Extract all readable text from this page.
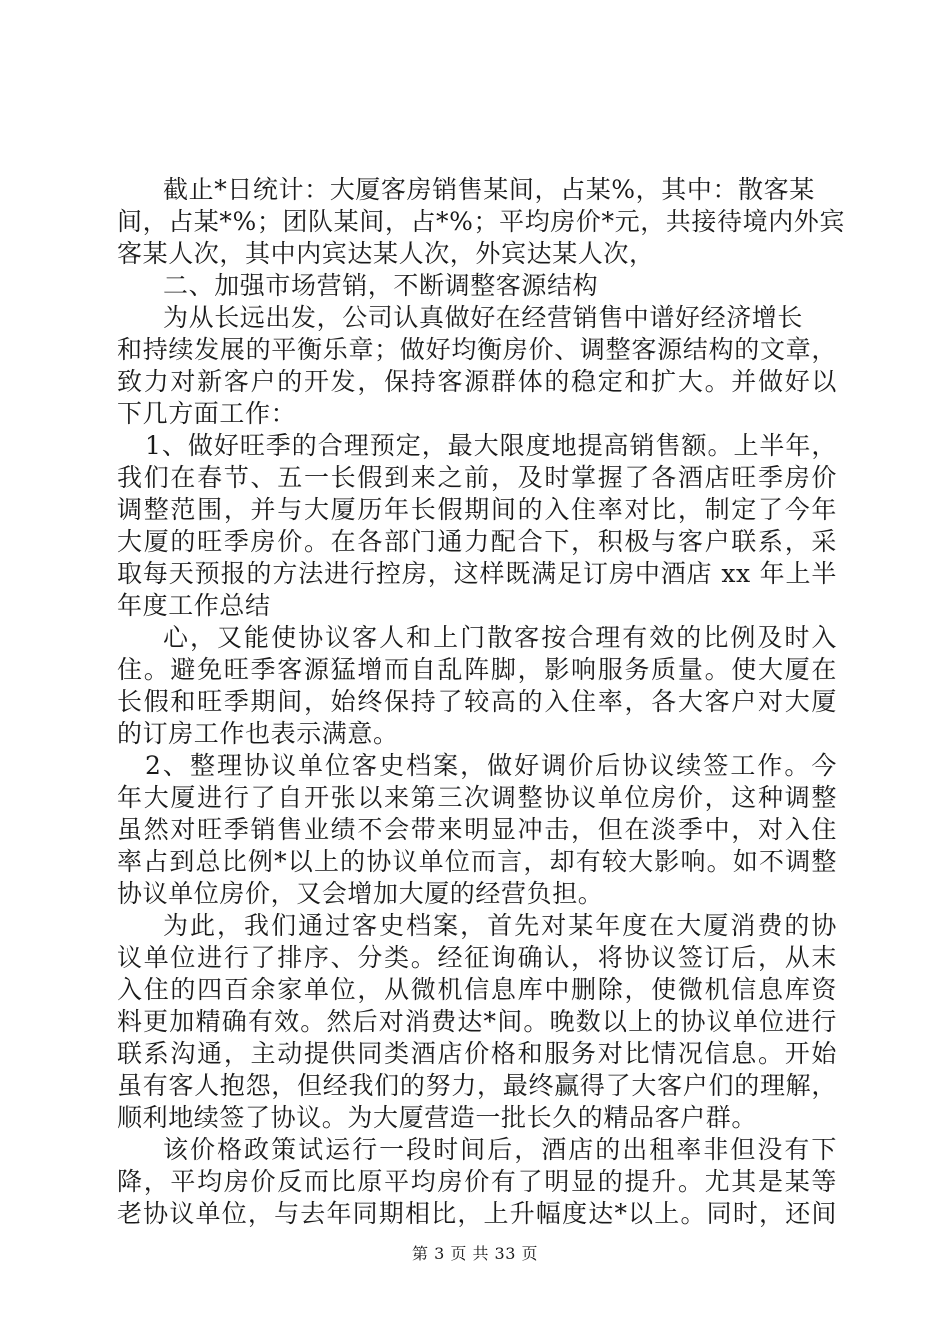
截止*日统计：大厦客房销售某间，占某%，其中：散客某
间，占某*%；团队某间，占*%；平均房价*元，共接待境内外宾
客某人次，其中内宾达某人次，外宾达某人次，
二、加强市场营销，不断调整客源结构
为从长远出发，公司认真做好在经营销售中谱好经济增长
和持续发展的平衡乐章；做好均衡房价、调整客源结构的文章，
致力对新客户的开发，保持客源群体的稳定和扩大。并做好以
下几方面工作：
1、做好旺季的合理预定，最大限度地提高销售额。上半年，
我们在春节、五一长假到来之前，及时掌握了各酒店旺季房价
调整范围，并与大厦历年长假期间的入住率对比，制定了今年
大厦的旺季房价。在各部门通力配合下，积极与客户联系，采
取每天预报的方法进行控房，这样既满足订房中酒店 xx 年上半
年度工作总结
心，又能使协议客人和上门散客按合理有效的比例及时入
住。避免旺季客源猛增而自乱阵脚，影响服务质量。使大厦在
长假和旺季期间，始终保持了较高的入住率，各大客户对大厦
的订房工作也表示满意。
2、整理协议单位客史档案，做好调价后协议续签工作。今
年大厦进行了自开张以来第三次调整协议单位房价，这种调整
虽然对旺季销售业绩不会带来明显冲击，但在淡季中，对入住
率占到总比例*以上的协议单位而言，却有较大影响。如不调整
协议单位房价，又会增加大厦的经营负担。
为此，我们通过客史档案，首先对某年度在大厦消费的协
议单位进行了排序、分类。经征询确认，将协议签订后，从末
入住的四百余家单位，从微机信息库中删除，使微机信息库资
料更加精确有效。然后对消费达*间。晚数以上的协议单位进行
联系沟通，主动提供同类酒店价格和服务对比情况信息。开始
虽有客人抱怨，但经我们的努力，最终赢得了大客户们的理解，
顺利地续签了协议。为大厦营造一批长久的精品客户群。
该价格政策试运行一段时间后，酒店的出租率非但没有下
降，平均房价反而比原平均房价有了明显的提升。尤其是某等
老协议单位，与去年同期相比，上升幅度达*以上。同时，还间
第 3 页 共 33 页
